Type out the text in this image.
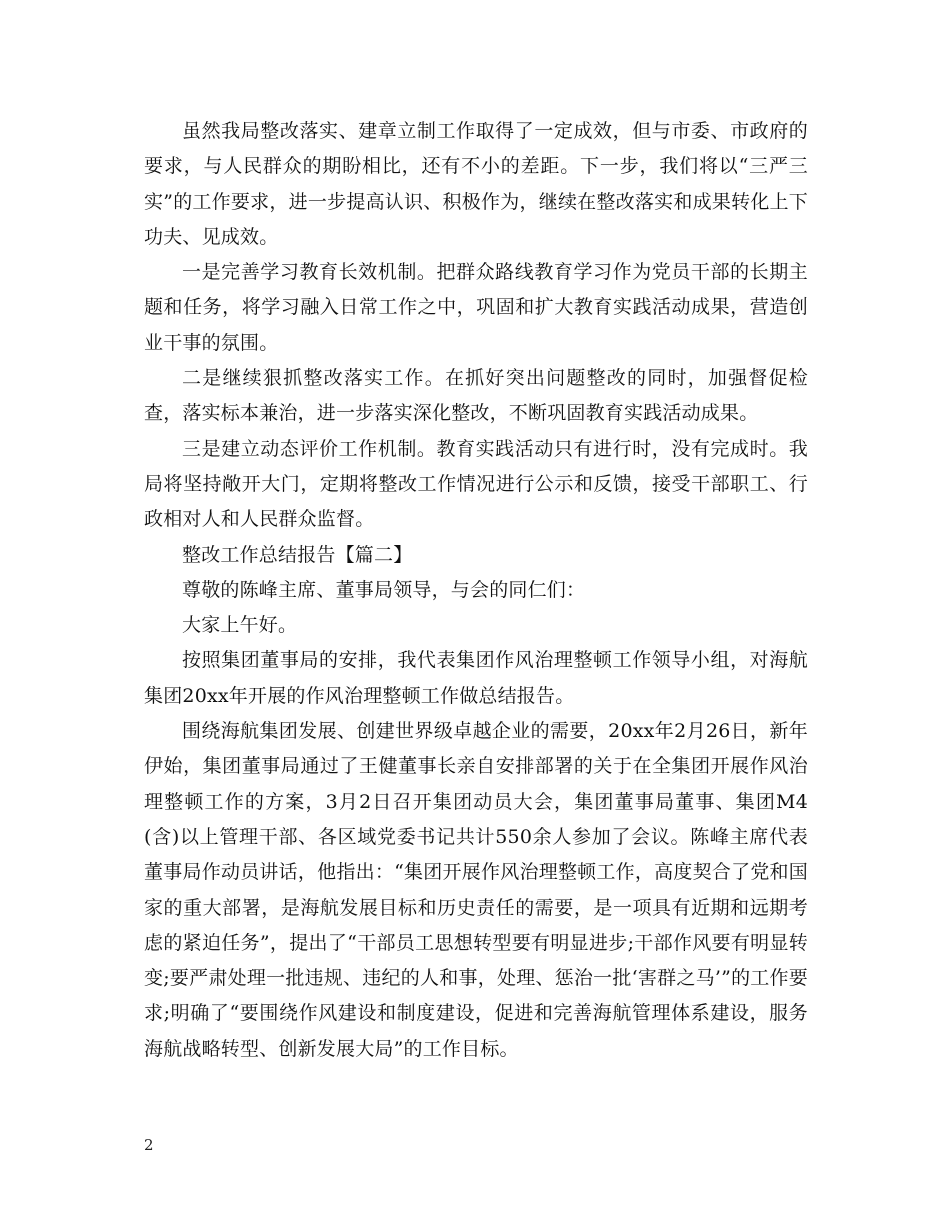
虽然我局整改落实、建章立制工作取得了一定成效，但与市委、市政府的要求，与人民群众的期盼相比，还有不小的差距。下一步，我们将以“三严三实”的工作要求，进一步提高认识、积极作为，继续在整改落实和成果转化上下功夫、见成效。

一是完善学习教育长效机制。把群众路线教育学习作为党员干部的长期主题和任务，将学习融入日常工作之中，巩固和扩大教育实践活动成果，营造创业干事的氛围。

二是继续狠抓整改落实工作。在抓好突出问题整改的同时，加强督促检查，落实标本兼治，进一步落实深化整改，不断巩固教育实践活动成果。

三是建立动态评价工作机制。教育实践活动只有进行时，没有完成时。我局将坚持敞开大门，定期将整改工作情况进行公示和反馈，接受干部职工、行政相对人和人民群众监督。

整改工作总结报告【篇二】

尊敬的陈峰主席、董事局领导，与会的同仁们：

大家上午好。

按照集团董事局的安排，我代表集团作风治理整顿工作领导小组，对海航集团20xx年开展的作风治理整顿工作做总结报告。

围绕海航集团发展、创建世界级卓越企业的需要，20xx年2月26日，新年伊始，集团董事局通过了王健董事长亲自安排部署的关于在全集团开展作风治理整顿工作的方案，3月2日召开集团动员大会，集团董事局董事、集团M4(含)以上管理干部、各区域党委书记共计550余人参加了会议。陈峰主席代表董事局作动员讲话，他指出：“集团开展作风治理整顿工作，高度契合了党和国家的重大部署，是海航发展目标和历史责任的需要，是一项具有近期和远期考虑的紧迫任务”，提出了“干部员工思想转型要有明显进步;干部作风要有明显转变;要严肃处理一批违规、违纪的人和事，处理、惩治一批‘害群之马’”的工作要求;明确了“要围绕作风建设和制度建设，促进和完善海航管理体系建设，服务海航战略转型、创新发展大局”的工作目标。

2
